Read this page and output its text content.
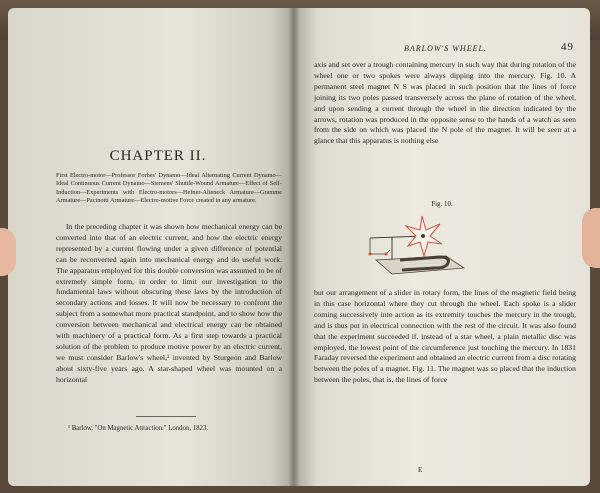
CHAPTER II.
First Electro-motor—Professor Forbes' Dynamo—Ideal Alternating Current Dynamo—Ideal Continuous Current Dynamo—Siemens' Shuttle-Wound Armature—Effect of Self-Induction—Experiments with Electro-motors—Hefner-Alteneck Armature—Gramme Armature—Pacinotti Armature—Electro-motive Force created in any armature.

In the preceding chapter it was shown how mechanical energy can be converted into that of an electric current, and how the electric energy represented by a current flowing under a given difference of potential can be reconverted again into mechanical energy and do useful work. The apparatus employed for this double conversion was assumed to be of extremely simple form, in order to limit our investigation to the fundamental laws without obscuring these laws by the introduction of secondary actions and losses. It will now be necessary to confront the subject from a somewhat more practical standpoint, and to show how the conversion between mechanical and electrical energy can be obtained with machinery of a practical form. As a first step towards a practical solution of the problem to produce motive power by an electric current, we must consider Barlow's wheel,¹ invented by Sturgeon and Barlow about sixty-five years ago. A star-shaped wheel was mounted on a horizontal

¹ Barlow, "On Magnetic Attraction." London, 1823.
BARLOW'S WHEEL.	49
axis and set over a trough containing mercury in such way that during rotation of the wheel one or two spokes were always dipping into the mercury. Fig. 10. A permanent steel magnet N S was placed in such position that the lines of force joining its two poles passed transversely across the plane of rotation of the wheel, and upon sending a current through the wheel in the direction indicated by the arrows, rotation was produced in the opposite sense to the hands of a watch as seen from the side on which was placed the N pole of the magnet. It will be seen at a glance that this apparatus is nothing else
Fig. 10.
but our arrangement of a slider in rotary form, the lines of the magnetic field being in this case horizontal where they cut through the wheel. Each spoke is a slider coming successively into action as its extremity touches the mercury in the trough, and is thus put in electrical connection with the rest of the circuit. It was also found that the experiment succeeded if, instead of a star wheel, a plain metallic disc was employed, the lowest point of the circumference just touching the mercury. In 1831 Faraday reversed the experiment and obtained an electric current from a disc rotating between the poles of a magnet. Fig. 11. The magnet was so placed that the induction between the poles, that is, the lines of force
E
